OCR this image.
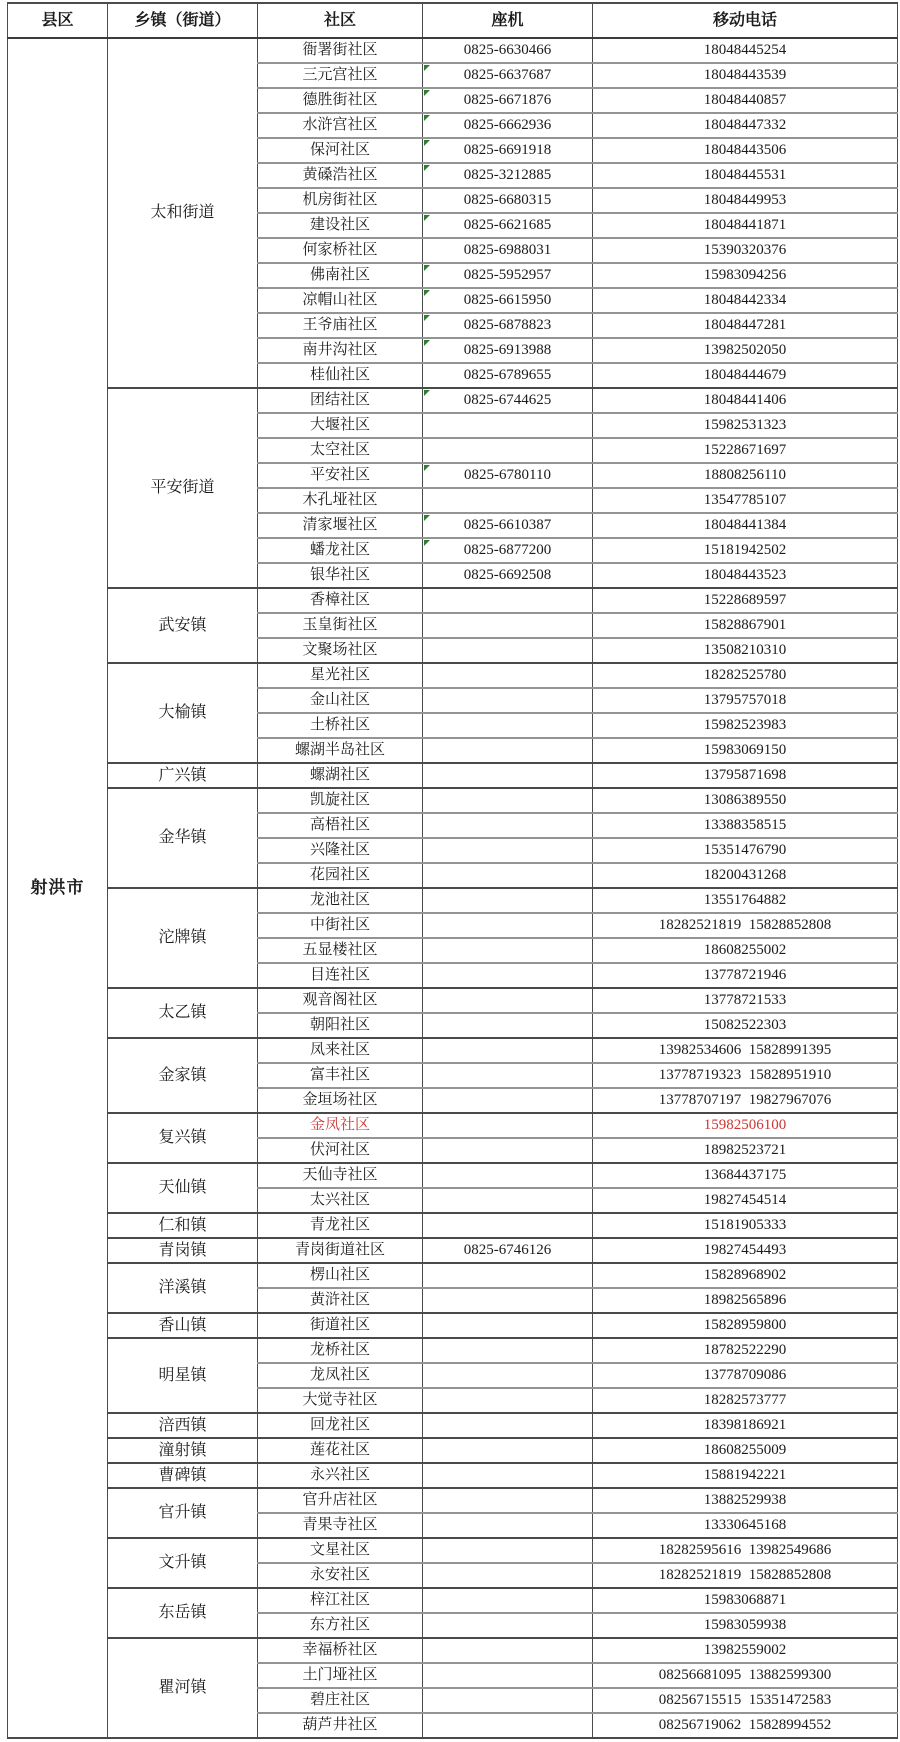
县区	乡镇（街道）	社区	座机	移动电话
射洪市	太和街道	衙署街社区	0825-6630466	18048445254
		三元宫社区	0825-6637687	18048443539
		德胜街社区	0825-6671876	18048440857
		水浒宫社区	0825-6662936	18048447332
		保河社区	0825-6691918	18048443506
		黄磉浩社区	0825-3212885	18048445531
		机房街社区	0825-6680315	18048449953
		建设社区	0825-6621685	18048441871
		何家桥社区	0825-6988031	15390320376
		佛南社区	0825-5952957	15983094256
		凉帽山社区	0825-6615950	18048442334
		王爷庙社区	0825-6878823	18048447281
		南井沟社区	0825-6913988	13982502050
		桂仙社区	0825-6789655	18048444679
	平安街道	团结社区	0825-6744625	18048441406
		大堰社区		15982531323
		太空社区		15228671697
		平安社区	0825-6780110	18808256110
		木孔垭社区		13547785107
		清家堰社区	0825-6610387	18048441384
		蟠龙社区	0825-6877200	15181942502
		银华社区	0825-6692508	18048443523
	武安镇	香樟社区		15228689597
		玉皇街社区		15828867901
		文聚场社区		13508210310
	大榆镇	星光社区		18282525780
		金山社区		13795757018
		土桥社区		15982523983
		螺湖半岛社区		15983069150
	广兴镇	螺湖社区		13795871698
	金华镇	凯旋社区		13086389550
		高梧社区		13388358515
		兴隆社区		15351476790
		花园社区		18200431268
	沱牌镇	龙池社区		13551764882
		中街社区		18282521819  15828852808
		五显楼社区		18608255002
		目连社区		13778721946
	太乙镇	观音阁社区		13778721533
		朝阳社区		15082522303
	金家镇	凤来社区		13982534606  15828991395
		富丰社区		13778719323  15828951910
		金垣场社区		13778707197  19827967076
	复兴镇	金凤社区		15982506100
		伏河社区		18982523721
	天仙镇	天仙寺社区		13684437175
		太兴社区		19827454514
	仁和镇	青龙社区		15181905333
	青岗镇	青岗街道社区	0825-6746126	19827454493
	洋溪镇	楞山社区		15828968902
		黄浒社区		18982565896
	香山镇	街道社区		15828959800
	明星镇	龙桥社区		18782522290
		龙凤社区		13778709086
		大觉寺社区		18282573777
	涪西镇	回龙社区		18398186921
	潼射镇	莲花社区		18608255009
	曹碑镇	永兴社区		15881942221
	官升镇	官升店社区		13882529938
		青果寺社区		13330645168
	文升镇	文星社区		18282595616  13982549686
		永安社区		18282521819  15828852808
	东岳镇	梓江社区		15983068871
		东方社区		15983059938
	瞿河镇	幸福桥社区		13982559002
		土门垭社区		08256681095  13882599300
		碧庄社区		08256715515  15351472583
		葫芦井社区		08256719062  15828994552
